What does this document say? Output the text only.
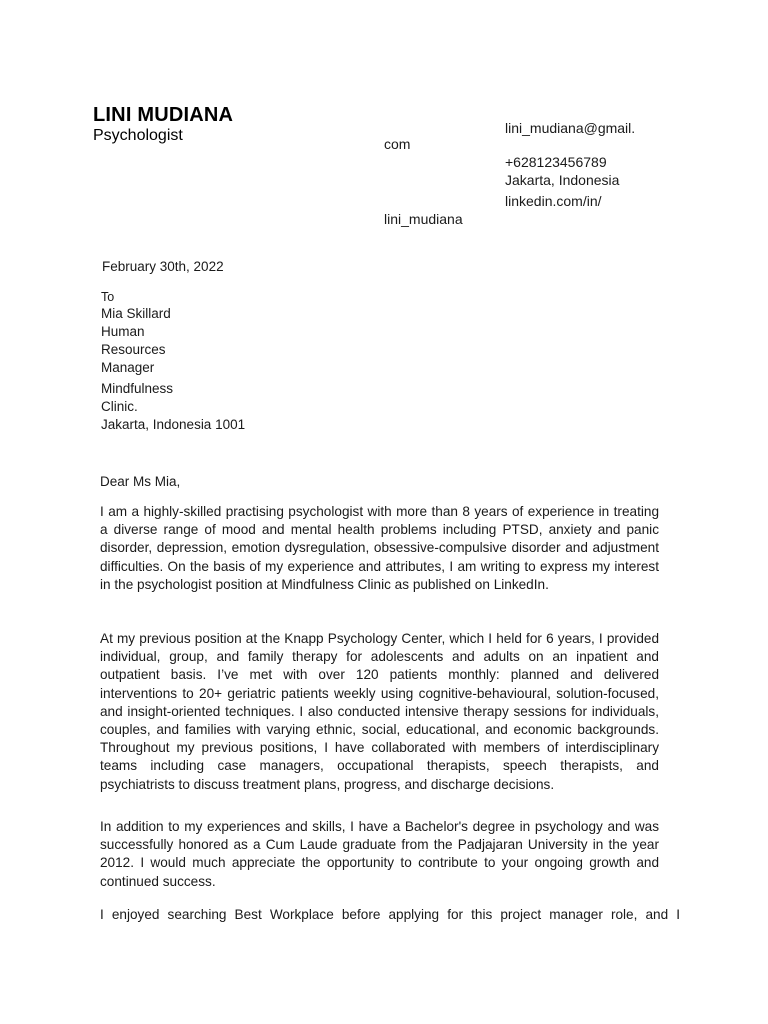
LINI MUDIANA
Psychologist	lini_mudiana@gmail.
com
+628123456789
Jakarta, Indonesia
linkedin.com/in/
lini_mudiana
February 30th, 2022
To
Mia Skillard
Human
Resources
Manager
Mindfulness
Clinic.
Jakarta, Indonesia 1001
Dear Ms Mia,
I am a highly-skilled practising psychologist with more than 8 years of experience in treating a diverse range of mood and mental health problems including PTSD, anxiety and panic disorder, depression, emotion dysregulation, obsessive-compulsive disorder and adjustment difficulties. On the basis of my experience and attributes, I am writing to express my interest in the psychologist position at Mindfulness Clinic as published on LinkedIn.
At my previous position at the Knapp Psychology Center, which I held for 6 years, I provided individual, group, and family therapy for adolescents and adults on an inpatient and outpatient basis. I’ve met with over 120 patients monthly: planned and delivered interventions to 20+ geriatric patients weekly using cognitive-behavioural, solution-focused, and insight-oriented techniques. I also conducted intensive therapy sessions for individuals, couples, and families with varying ethnic, social, educational, and economic backgrounds. Throughout my previous positions, I have collaborated with members of interdisciplinary teams including case managers, occupational therapists, speech therapists, and psychiatrists to discuss treatment plans, progress, and discharge decisions.
In addition to my experiences and skills, I have a Bachelor's degree in psychology and was successfully honored as a Cum Laude graduate from the Padjajaran University in the year 2012. I would much appreciate the opportunity to contribute to your ongoing growth and continued success.
I enjoyed searching Best Workplace before applying for this project manager role, and I
